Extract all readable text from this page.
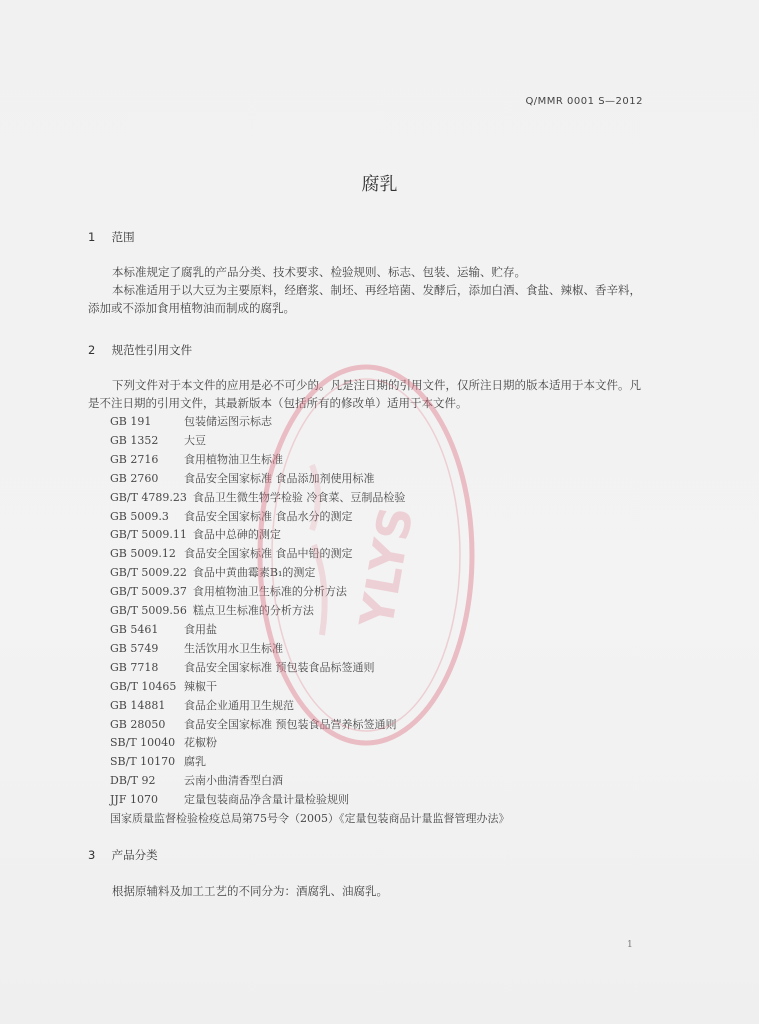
Q/MMR 0001 S—2012
腐乳
1 范围
本标准规定了腐乳的产品分类、技术要求、检验规则、标志、包装、运输、贮存。
本标准适用于以大豆为主要原料，经磨浆、制坯、再经培菌、发酵后，添加白酒、食盐、辣椒、香辛料，添加或不添加食用植物油而制成的腐乳。
2 规范性引用文件
下列文件对于本文件的应用是必不可少的。凡是注日期的引用文件，仅所注日期的版本适用于本文件。凡是不注日期的引用文件，其最新版本（包括所有的修改单）适用于本文件。
GB 191	包装储运图示标志
GB 1352 大豆
GB 2716 食用植物油卫生标准
GB 2760 食品安全国家标准 食品添加剂使用标准
GB/T 4789.23 食品卫生微生物学检验 冷食菜、豆制品检验
GB 5009.3 食品安全国家标准 食品水分的测定
GB/T 5009.11 食品中总砷的测定
GB 5009.12 食品安全国家标准 食品中铅的测定
GB/T 5009.22 食品中黄曲霉素B₁的测定
GB/T 5009.37 食用植物油卫生标准的分析方法
GB/T 5009.56 糕点卫生标准的分析方法
GB 5461 食用盐
GB 5749 生活饮用水卫生标准
GB 7718 食品安全国家标准 预包装食品标签通则
GB/T 10465 辣椒干
GB 14881 食品企业通用卫生规范
GB 28050 食品安全国家标准 预包装食品营养标签通则
SB/T 10040 花椒粉
SB/T 10170 腐乳
DB/T 92	云南小曲清香型白酒
JJF 1070 定量包装商品净含量计量检验规则
国家质量监督检验检疫总局第75号令（2005）《定量包装商品计量监督管理办法》
3 产品分类
根据原辅料及加工工艺的不同分为：酒腐乳、油腐乳。
1
YLYS
